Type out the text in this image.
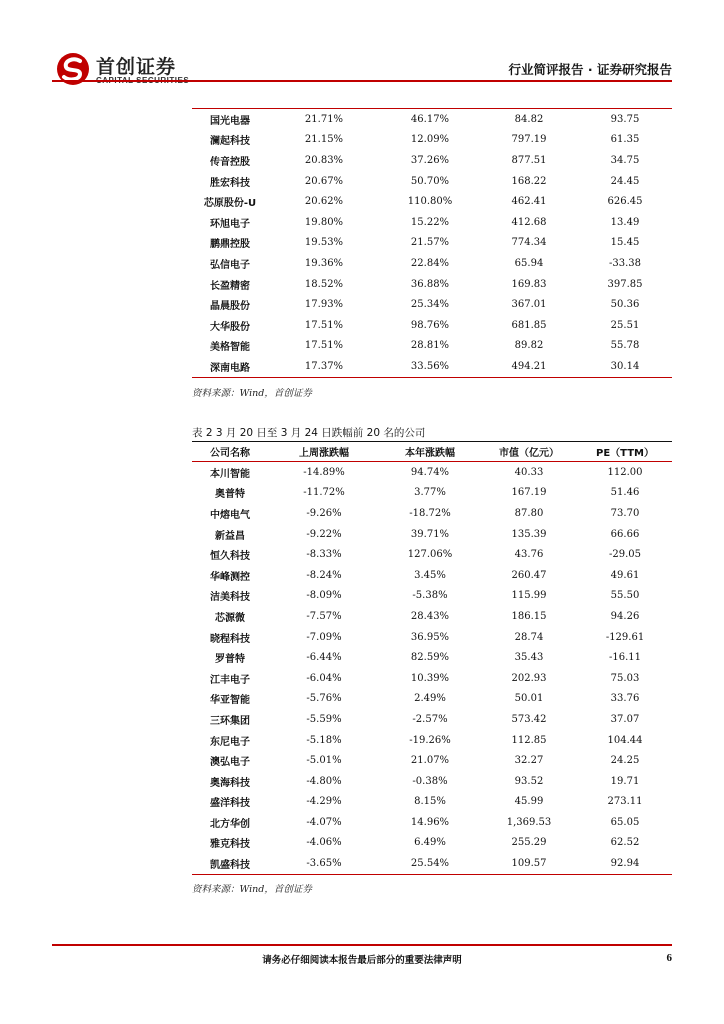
首创证券	行业简评报告 · 证券研究报告
国光电器	21.71%	46.17%	84.82	93.75
澜起科技	21.15%	12.09%	797.19	61.35
传音控股	20.83%	37.26%	877.51	34.75
胜宏科技	20.67%	50.70%	168.22	24.45
芯原股份-U	20.62%	110.80%	462.41	626.45
环旭电子	19.80%	15.22%	412.68	13.49
鹏鼎控股	19.53%	21.57%	774.34	15.45
弘信电子	19.36%	22.84%	65.94	-33.38
长盈精密	18.52%	36.88%	169.83	397.85
晶晨股份	17.93%	25.34%	367.01	50.36
大华股份	17.51%	98.76%	681.85	25.51
美格智能	17.51%	28.81%	89.82	55.78
深南电路	17.37%	33.56%	494.21	30.14
资料来源：Wind，首创证券
表 2 3 月 20 日至 3 月 24 日跌幅前 20 名的公司
公司名称	上周涨跌幅	本年涨跌幅	市值（亿元）	PE（TTM）
本川智能	-14.89%	94.74%	40.33	112.00
奥普特	-11.72%	3.77%	167.19	51.46
中熔电气	-9.26%	-18.72%	87.80	73.70
新益昌	-9.22%	39.71%	135.39	66.66
恒久科技	-8.33%	127.06%	43.76	-29.05
华峰测控	-8.24%	3.45%	260.47	49.61
洁美科技	-8.09%	-5.38%	115.99	55.50
芯源微	-7.57%	28.43%	186.15	94.26
晓程科技	-7.09%	36.95%	28.74	-129.61
罗普特	-6.44%	82.59%	35.43	-16.11
江丰电子	-6.04%	10.39%	202.93	75.03
华亚智能	-5.76%	2.49%	50.01	33.76
三环集团	-5.59%	-2.57%	573.42	37.07
东尼电子	-5.18%	-19.26%	112.85	104.44
澳弘电子	-5.01%	21.07%	32.27	24.25
奥海科技	-4.80%	-0.38%	93.52	19.71
盛洋科技	-4.29%	8.15%	45.99	273.11
北方华创	-4.07%	14.96%	1,369.53	65.05
雅克科技	-4.06%	6.49%	255.29	62.52
凯盛科技	-3.65%	25.54%	109.57	92.94
资料来源：Wind，首创证券
请务必仔细阅读本报告最后部分的重要法律声明	6
